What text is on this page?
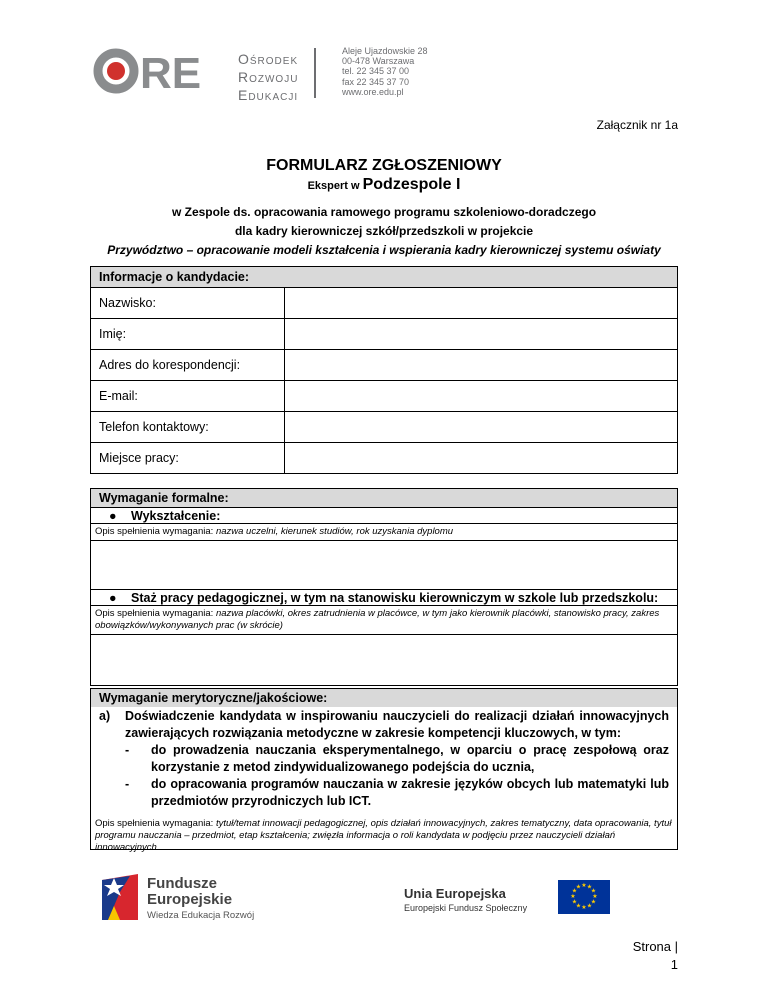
RE	Ośrodek
Rozwoju
Edukacji
Aleje Ujazdowskie 28
00-478 Warszawa
tel. 22 345 37 00
fax 22 345 37 70
www.ore.edu.pl
Załącznik nr 1a
FORMULARZ ZGŁOSZENIOWY
Ekspert w Podzespole I
w Zespole ds. opracowania ramowego programu szkoleniowo-doradczego
dla kadry kierowniczej szkół/przedszkoli w projekcie
Przywództwo – opracowanie modeli kształcenia i wspierania kadry kierowniczej systemu oświaty
Informacje o kandydacie:	
Nazwisko:	
Imię:	
Adres do korespondencji:	
E-mail:	
Telefon kontaktowy:	
Miejsce pracy:	
Wymaganie formalne:
● Wykształcenie:
Opis spełnienia wymagania: nazwa uczelni, kierunek studiów, rok uzyskania dyplomu
● Staż pracy pedagogicznej, w tym na stanowisku kierowniczym w szkole lub przedszkolu:
Opis spełnienia wymagania: nazwa placówki, okres zatrudnienia w placówce, w tym jako kierownik placówki, stanowisko pracy, zakres obowiązków/wykonywanych prac (w skrócie)
Wymaganie merytoryczne/jakościowe:
a)	Doświadczenie kandydata w inspirowaniu nauczycieli do realizacji działań innowacyjnych zawierających rozwiązania metodyczne w zakresie kompetencji kluczowych, w tym:
-	do prowadzenia nauczania eksperymentalnego, w oparciu o pracę zespołową oraz korzystanie z metod zindywidualizowanego podejścia do ucznia,
-	do opracowania programów nauczania w zakresie języków obcych lub matematyki lub przedmiotów przyrodniczych lub ICT.
Opis spełnienia wymagania: tytuł/temat innowacji pedagogicznej, opis działań innowacyjnych, zakres tematyczny, data opracowania, tytuł programu nauczania – przedmiot, etap kształcenia; zwięzła informacja o roli kandydata w podjęciu przez nauczycieli działań innowacyjnych.
Fundusze
Europejskie
Wiedza Edukacja Rozwój
Unia Europejska
Europejski Fundusz Społeczny
★ ★
★
★
★
★
★
★
★
★
★
★
Strona |
1
